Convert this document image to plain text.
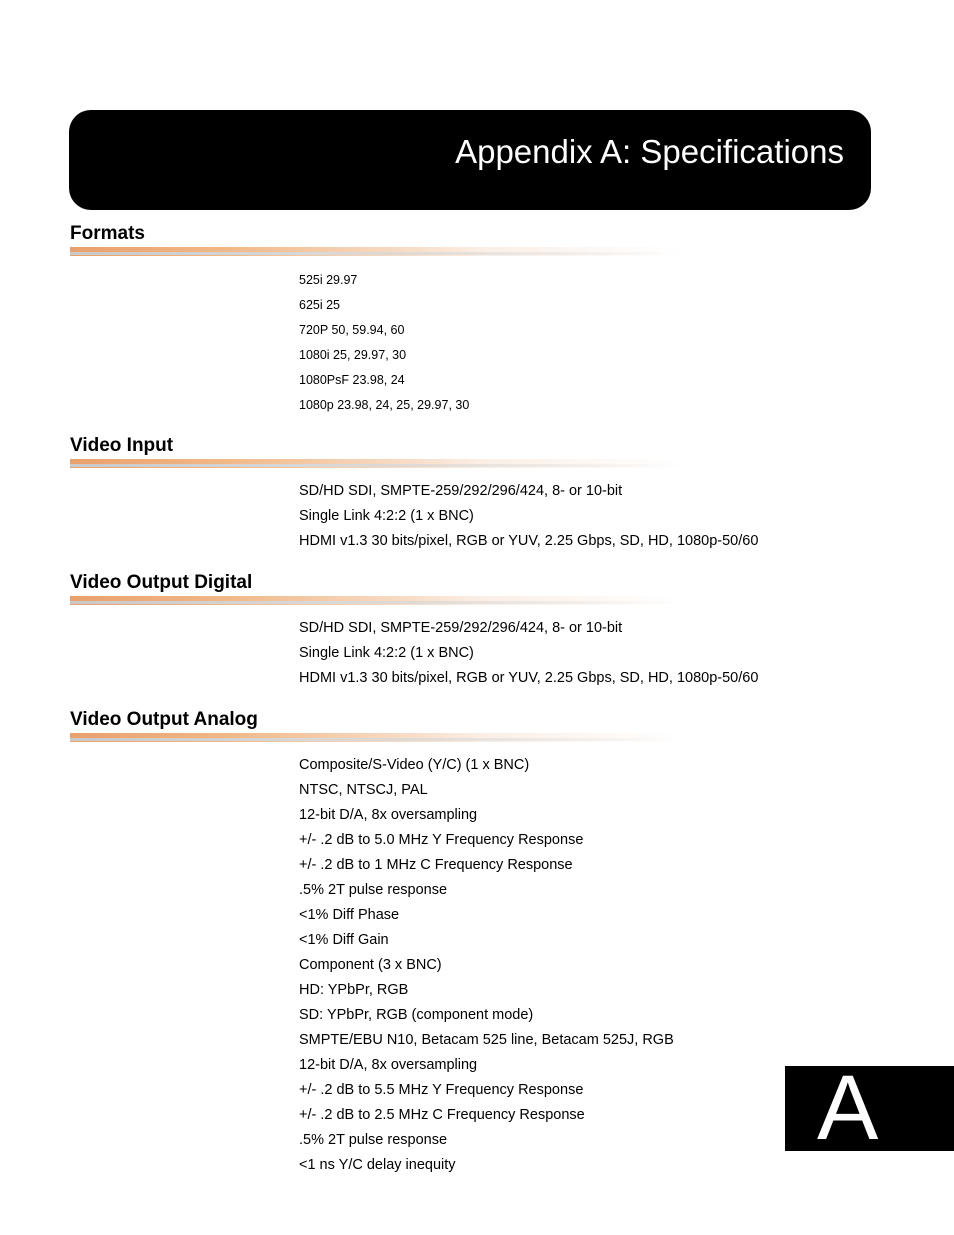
Appendix A: Specifications
Formats
525i 29.97
625i 25
720P 50, 59.94, 60
1080i 25, 29.97, 30
1080PsF 23.98, 24
1080p 23.98, 24, 25, 29.97, 30
Video Input
SD/HD SDI, SMPTE-259/292/296/424, 8- or 10-bit
Single Link 4:2:2 (1 x BNC)
HDMI v1.3 30 bits/pixel, RGB or YUV, 2.25 Gbps, SD, HD, 1080p-50/60
Video Output Digital
SD/HD SDI, SMPTE-259/292/296/424, 8- or 10-bit
Single Link 4:2:2 (1 x BNC)
HDMI v1.3 30 bits/pixel, RGB or YUV, 2.25 Gbps, SD, HD, 1080p-50/60
Video Output Analog
Composite/S-Video (Y/C) (1 x BNC)
NTSC, NTSCJ, PAL
12-bit D/A, 8x oversampling
+/- .2 dB to 5.0 MHz Y Frequency Response
+/- .2 dB to 1 MHz C Frequency Response
.5% 2T pulse response
<1% Diff Phase
<1% Diff Gain
Component (3 x BNC)
HD: YPbPr, RGB
SD: YPbPr, RGB (component mode)
SMPTE/EBU N10, Betacam 525 line, Betacam 525J, RGB
12-bit D/A, 8x oversampling
+/- .2 dB to 5.5 MHz Y Frequency Response
+/- .2 dB to 2.5 MHz C Frequency Response
.5% 2T pulse response
<1 ns Y/C delay inequity
A
